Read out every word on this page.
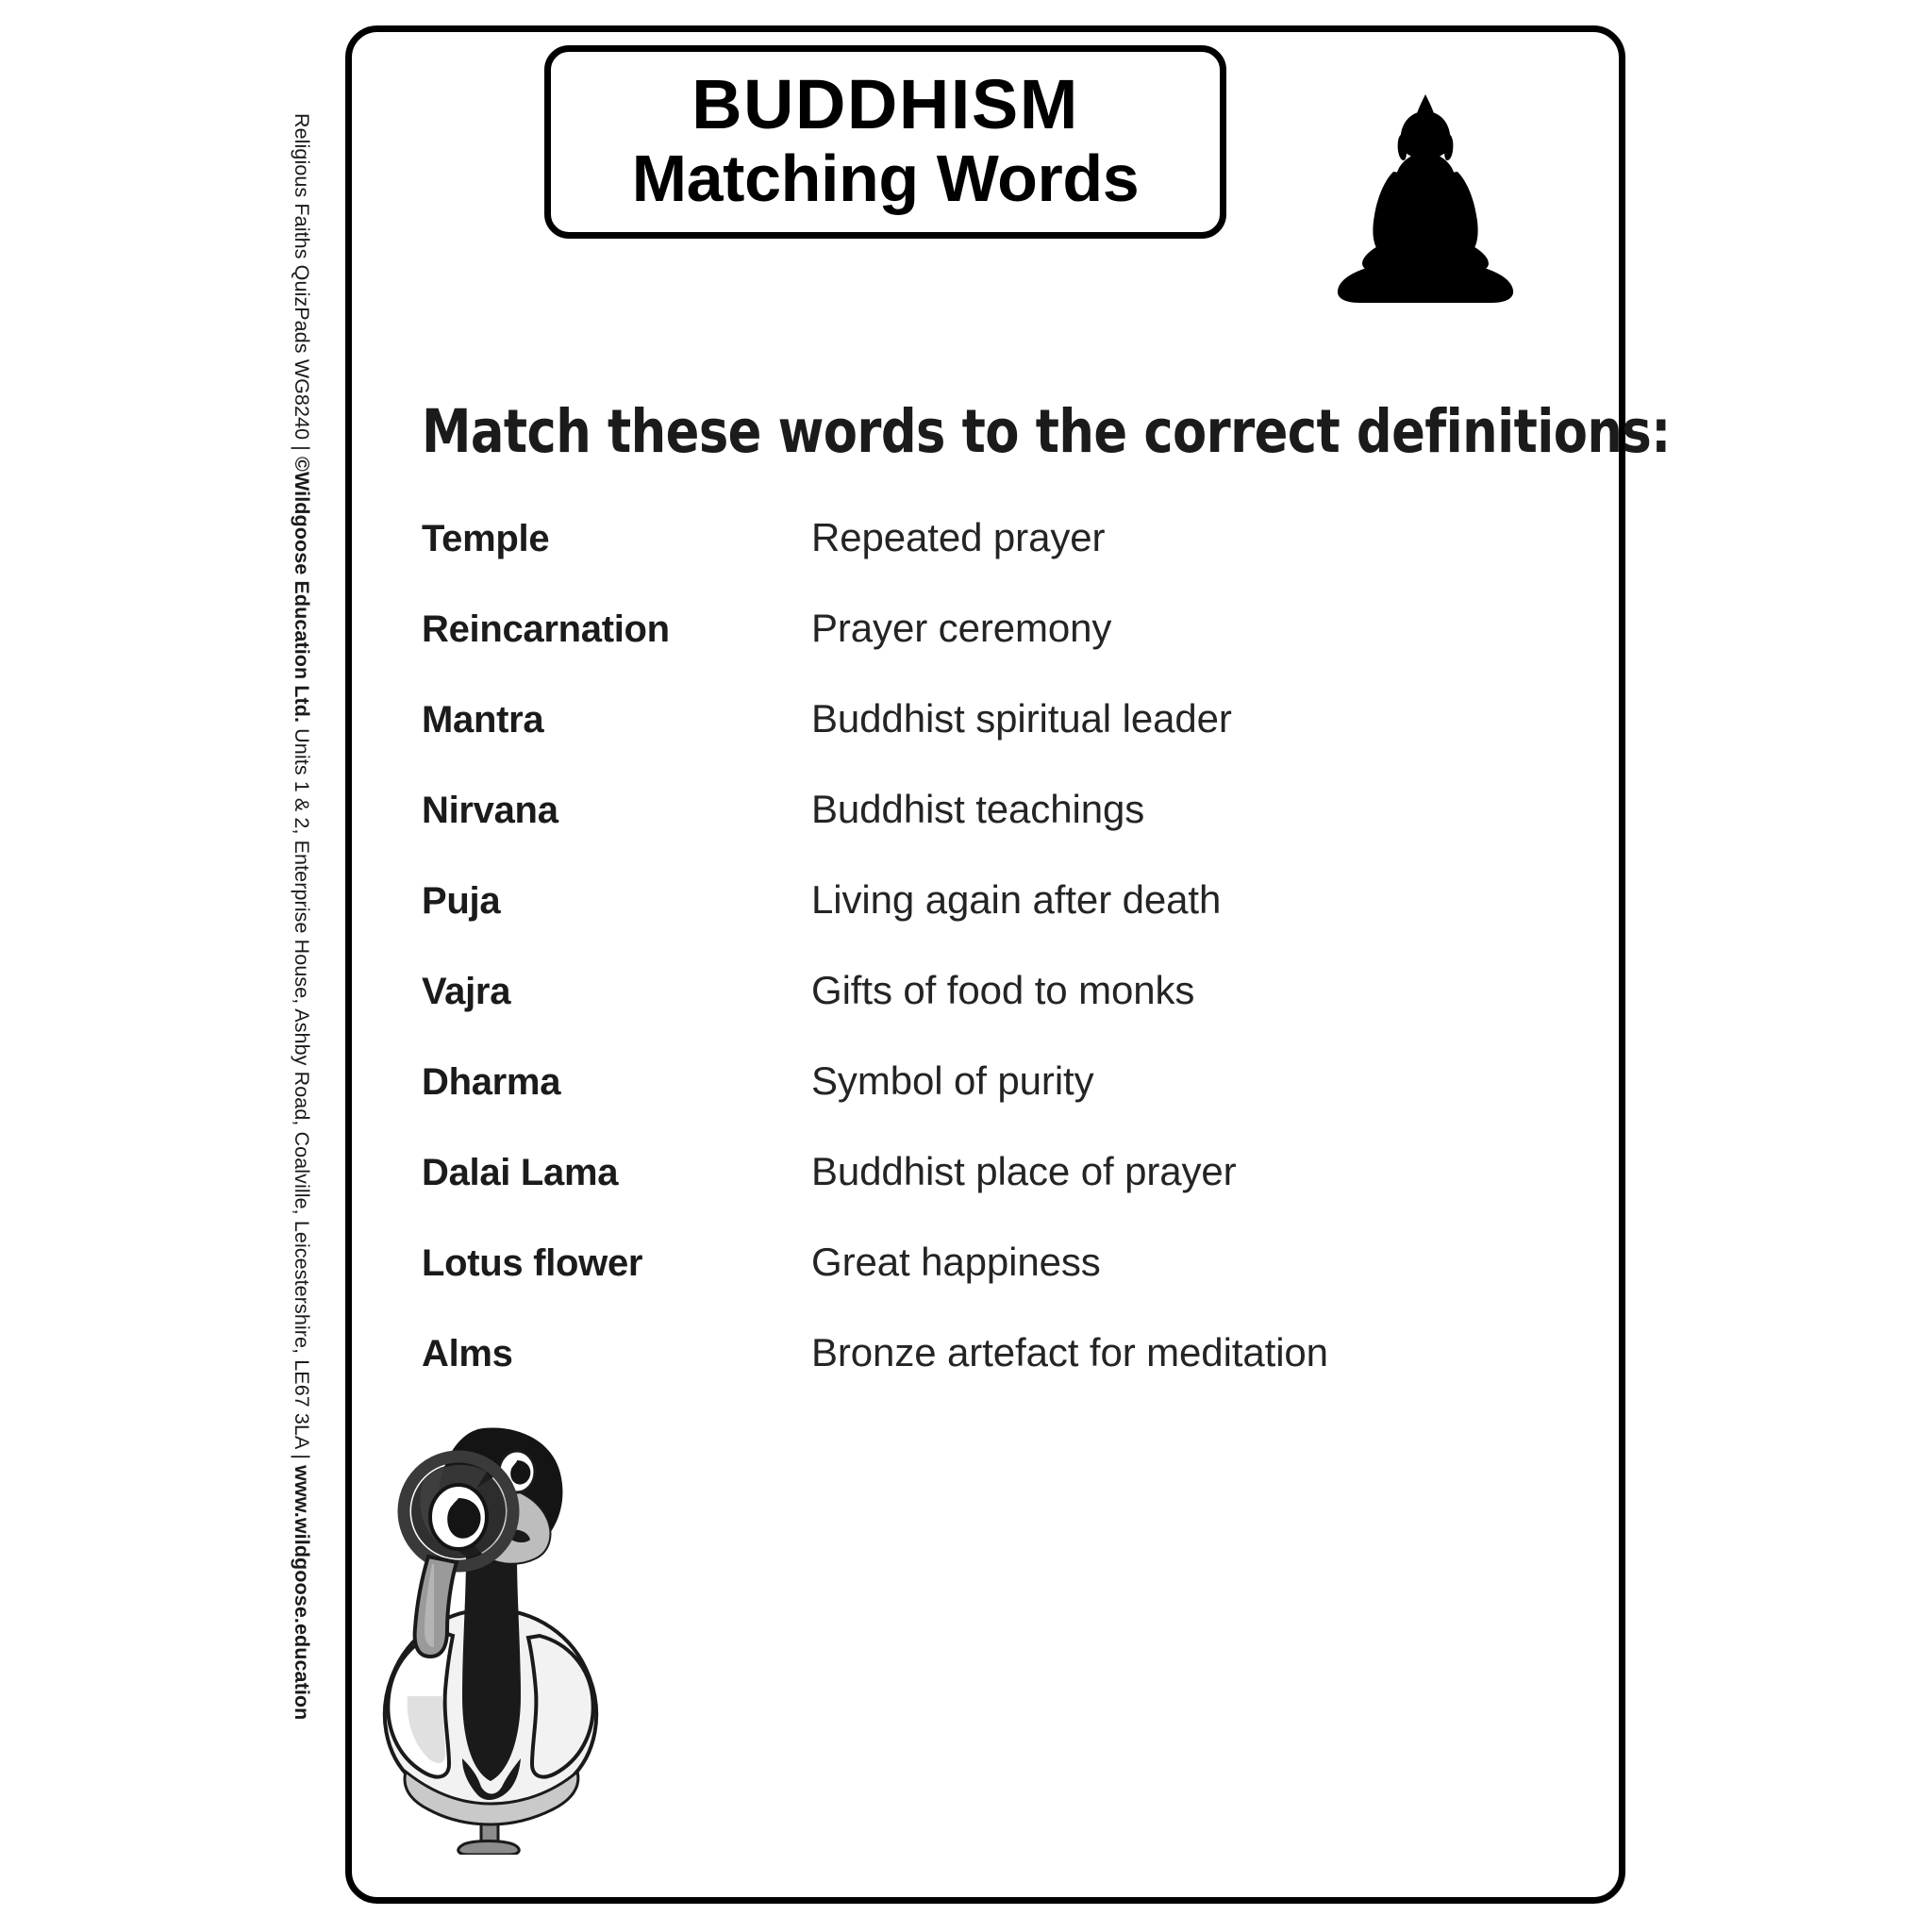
Religious Faiths QuizPads WG8240 | ©Wildgoose Education Ltd. Units 1 & 2, Enterprise House, Ashby Road, Coalville, Leicestershire, LE67 3LA | www.wildgoose.education
BUDDHISM
Matching Words
Match these words to the correct definitions:
Temple	Repeated prayer
Reincarnation	Prayer ceremony
Mantra	Buddhist spiritual leader
Nirvana	Buddhist teachings
Puja	Living again after death
Vajra	Gifts of food to monks
Dharma	Symbol of purity
Dalai Lama	Buddhist place of prayer
Lotus flower	Great happiness
Alms	Bronze artefact for meditation
